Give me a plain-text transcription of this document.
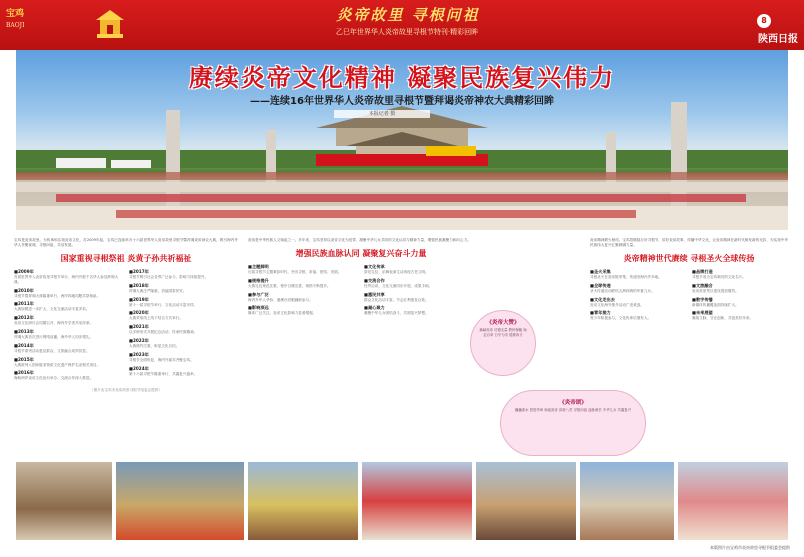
宝鸡
BAOJI
炎帝故里 寻根问祖
乙巳年世界华人炎帝故里寻根节特刊·精彩回眸
8
陕西日报
赓续炎帝文化精神 凝聚民族复兴伟力
——连续16年世界华人炎帝故里寻根节暨拜谒炎帝神农大典精彩回眸
本报记者 摄
宝鸡是炎帝故里。为传承和弘扬炎帝文化，自2009年起，宝鸡已连续举办十六届世界华人炎帝故里寻根节暨拜谒炎帝神农大典，吸引海内外华人齐聚姜城，寻根问祖，共话发展。
国家重视寻根祭祖 炎黄子孙共祈福祉
■2009年
首届世界华人炎帝故里寻根节举行，海内外数千名华人参加拜谒大典。
■2010年
寻根节暨拜谒大典隆重举行，两岸四地同胞共祭始祖。
■2011年
大典规模进一步扩大，文化交流活动丰富多彩。
■2012年
炎帝文化研讨会同期召开，海内外学者共话传承。
■2013年
拜谒大典首次进行网络直播，海外华人同步观礼。
■2014年
寻根节系列活动惠及群众，文旅融合成效初显。
■2015年
大典被列入国家级非物质文化遗产保护名录相关项目。
■2016年
海峡两岸炎帝文化论坛举办，交流合作深入推进。
■2017年
寻根节吸引社会各界广泛参与，影响力持续提升。
■2018年
拜谒大典庄严隆重，祈福国泰民安。
■2019年
第十一届寻根节举行，文化活动丰富多样。
■2020年
大典采取线上线下结合方式举行。
■2021年
以多种形式开展纪念活动，传承民族精神。
■2022年
大典简约庄重，彰显文化自信。
■2023年
寻根节全面恢复，海内外嘉宾齐聚宝鸡。
■2024年
第十六届寻根节隆重举行，共襄复兴盛举。
（图片由宝鸡市炎帝故里寻根节组委会提供）
炎帝是中华民族人文始祖之一。多年来，宝鸡坚持以炎帝文化为纽带，凝聚中华儿女共同的文化认同与精神力量，增强民族凝聚力和向心力。
增强民族血脉认同 凝聚复兴奋斗力量
■主题鲜明
历届寻根节主题紧扣时代，突出寻根、祈福、团结、发展。
■规格提升
大典礼仪规范庄重，程序日臻完善，规格不断提升。
■参与广泛
海内外华人华侨、港澳台同胞踊跃参与。
■影响深远
媒体广泛关注，炎帝文化影响力显著增强。
■文化传承
祭祀礼仪、乐舞表演生动再现古老文明。
■交流合作
经贸洽谈、文化交流同步开展，成果丰硕。
■惠民共享
群众文化活动丰富，节会红利惠及百姓。
■凝心聚力
凝聚中华儿女团结奋斗、共圆复兴梦想。
《炎帝大赞》
赫赫炎帝 功德无量 教民稼穑 始尝百草 日中为市 德被四方
《炎帝颂》
巍巍姜水 悠悠华章 始祖炎帝 泽被八荒 寻根问祖 血脉流长 中华儿女 共襄复兴
炎帝精神薪火相传。宝鸡将继续办好寻根节，讲好炎帝故事，传播中华文化，让炎帝精神在新时代焕发新的光彩，为实现中华民族伟大复兴汇聚磅礴力量。
炎帝精神世代赓续 寻根圣火全球传扬
■圣火采集
寻根圣火在炎帝陵采集，传递至海内外多地。
■全球传递
圣火传递活动联结五洲四海的华夏儿女。
■文化走出去
炎帝文化海外推介活动广受欢迎。
■青年接力
青少年积极参与，文化传承后继有人。
■品牌打造
寻根节成为宝鸡响亮的文化名片。
■文旅融合
炎帝故里景区建设提质增效。
■数字传播
新媒体传播覆盖面持续扩大。
■未来展望
赓续文脉，守正创新，共创美好未来。
本版图片由宝鸡市炎帝故里寻根节组委会提供
